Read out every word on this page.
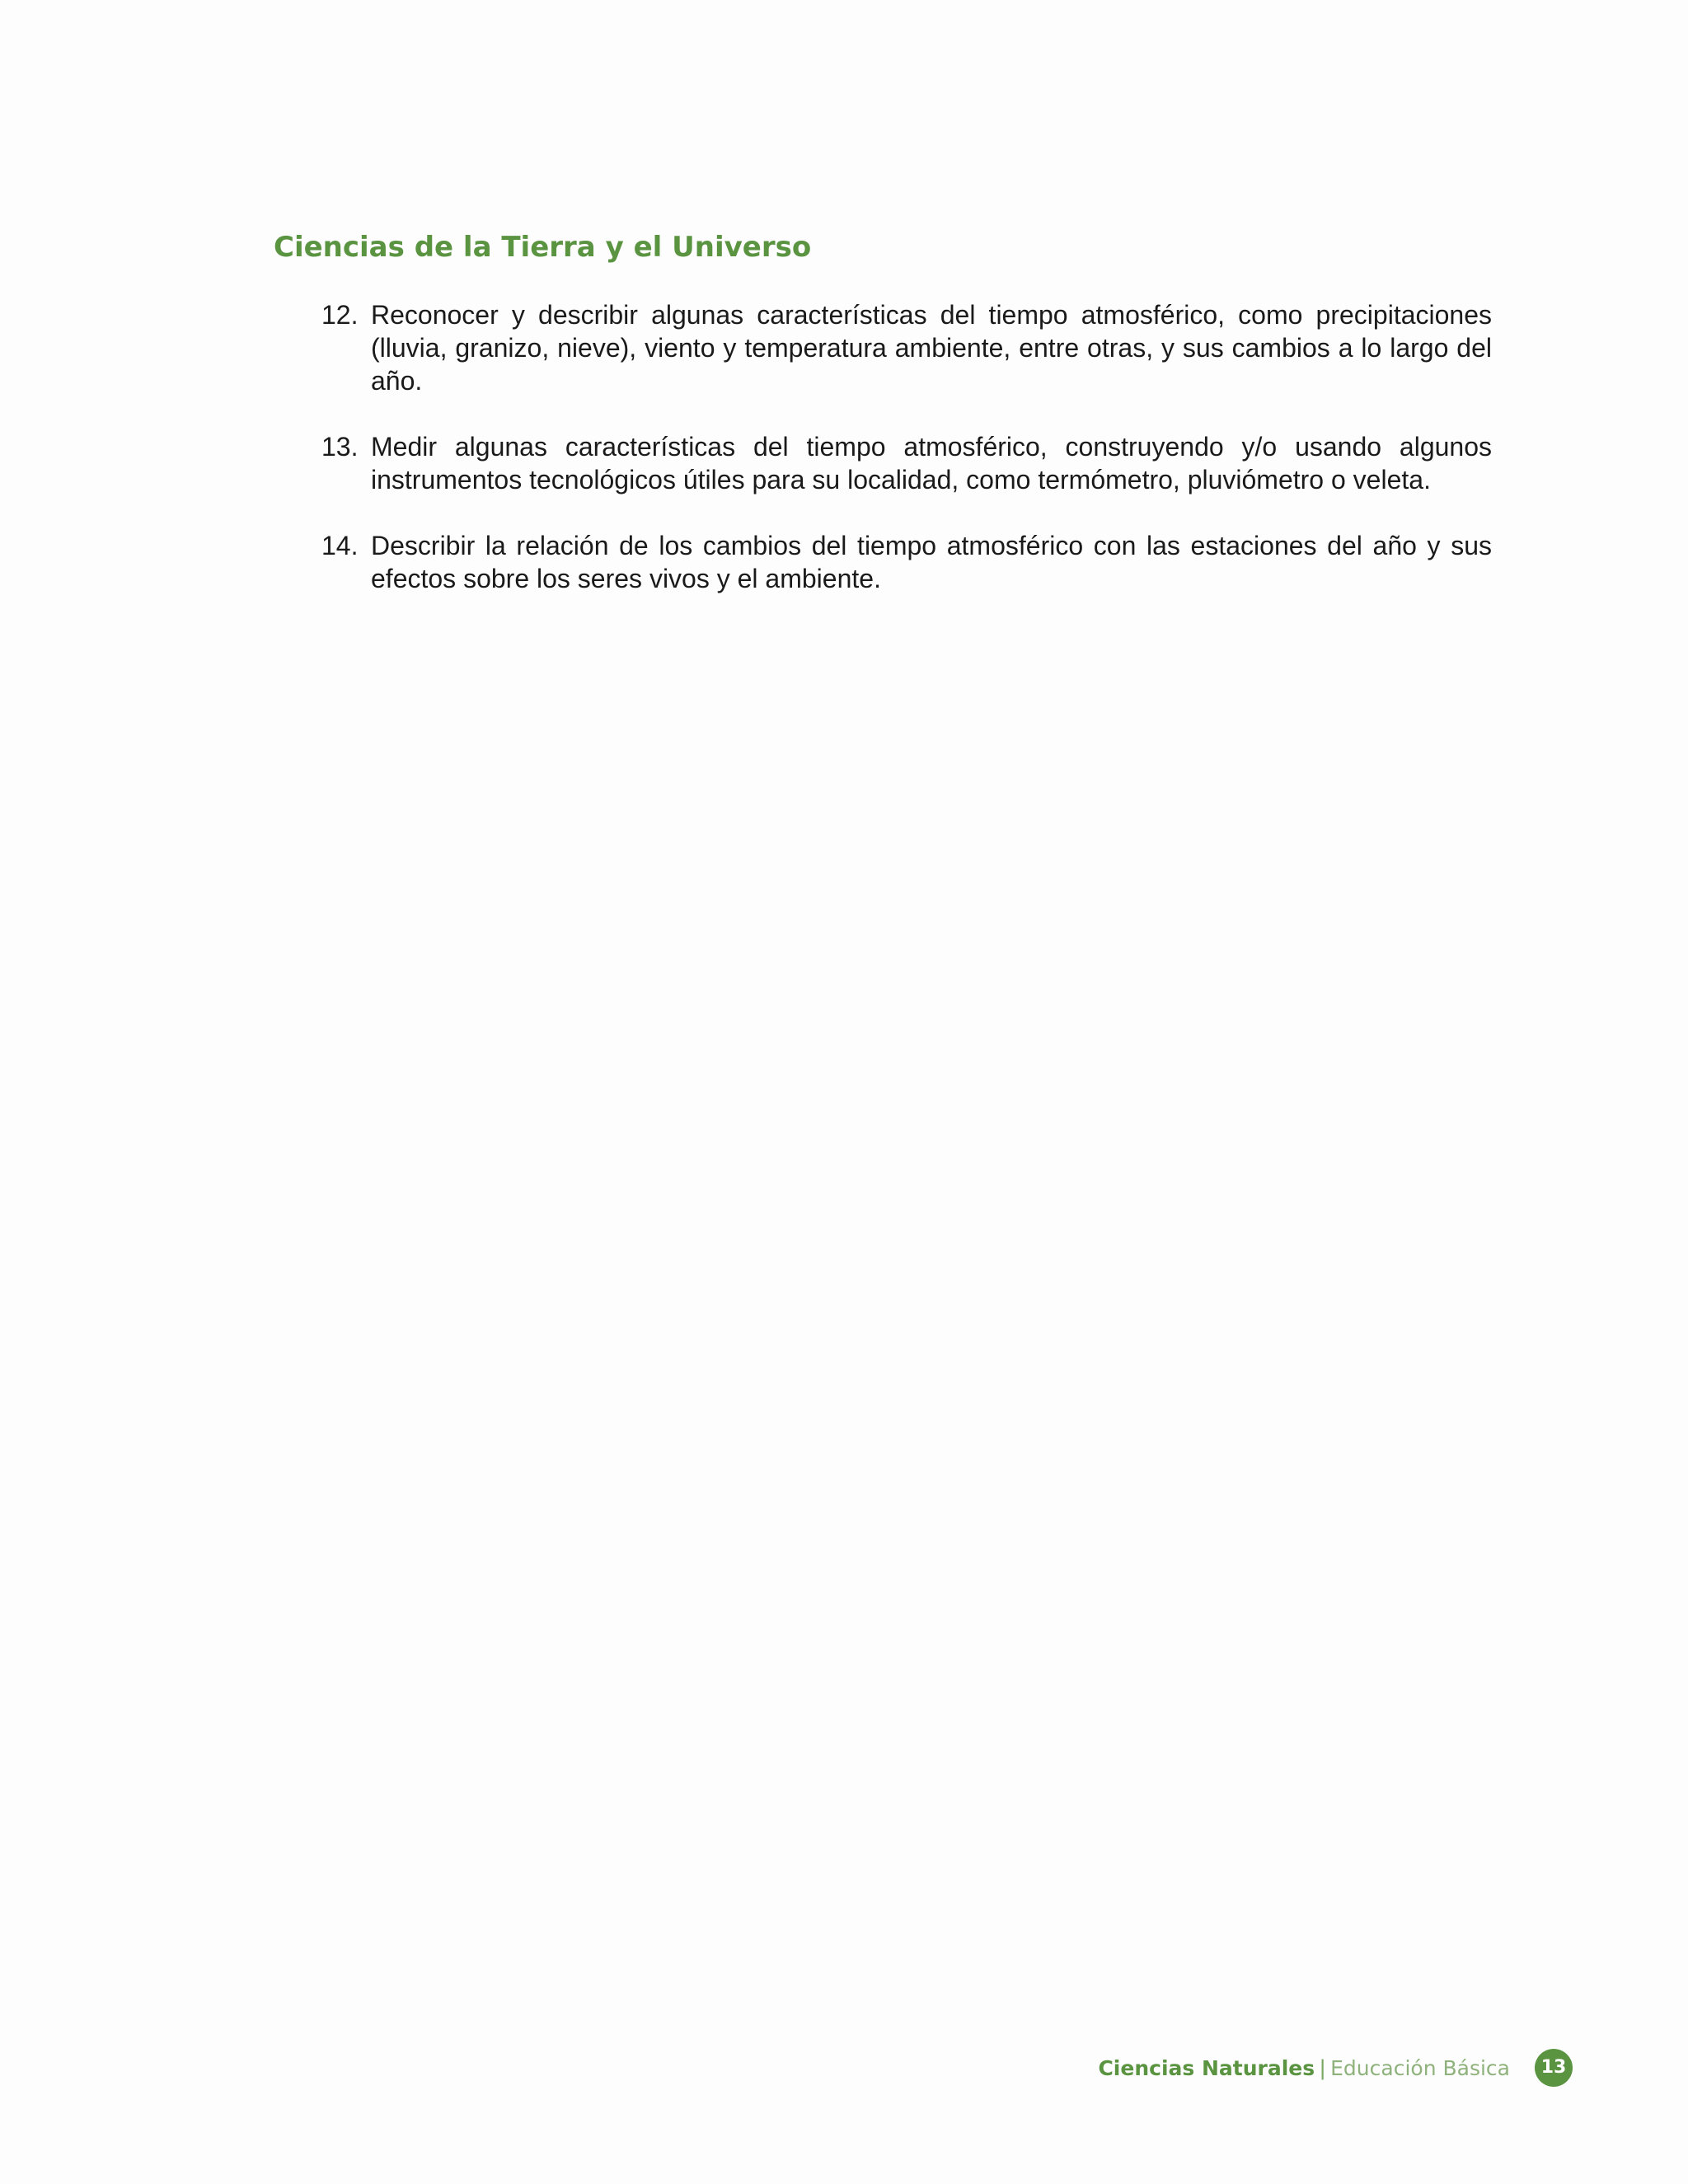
Ciencias de la Tierra y el Universo
12. Reconocer y describir algunas características del tiempo atmosférico, como precipitaciones (lluvia, granizo, nieve), viento y temperatura ambiente, entre otras, y sus cambios a lo largo del año.
13. Medir algunas características del tiempo atmosférico, construyendo y/o usando algunos instrumentos tecnológicos útiles para su localidad, como termómetro, pluviómetro o veleta.
14. Describir la relación de los cambios del tiempo atmosférico con las estaciones del año y sus efectos sobre los seres vivos y el ambiente.
Ciencias Naturales | Educación Básica	13
